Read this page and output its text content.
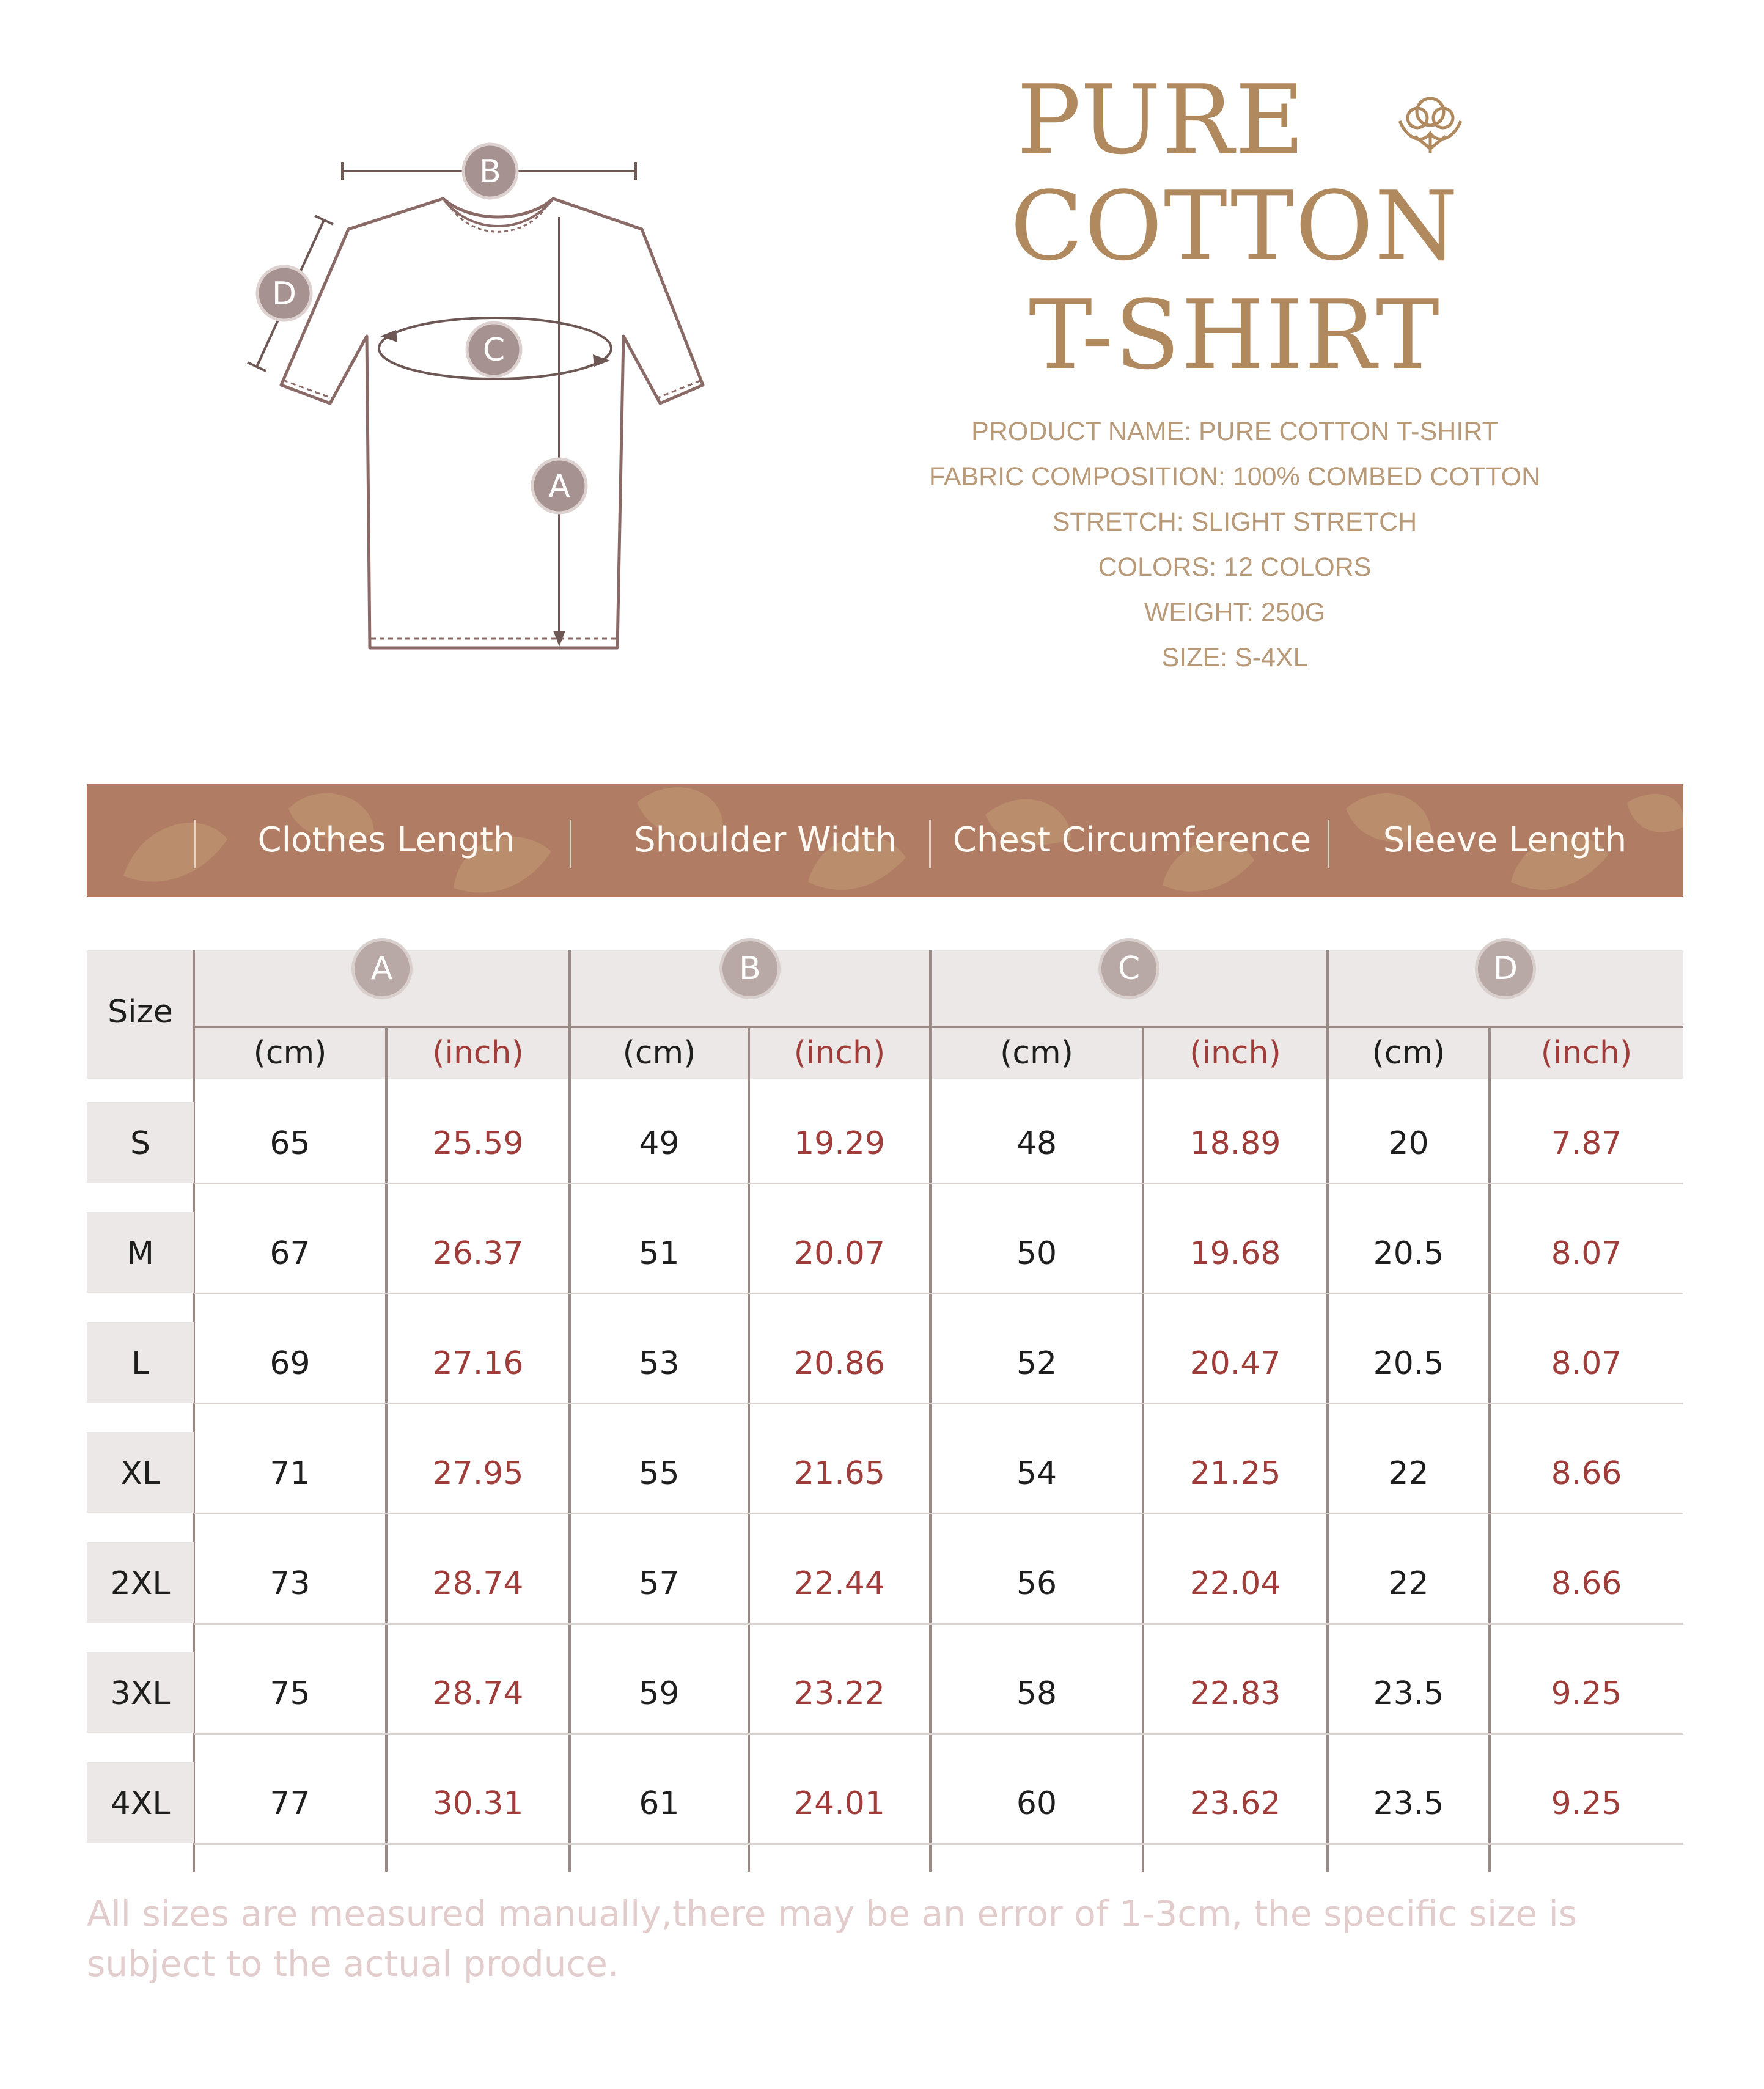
B
D
C
A
PURE
COTTON
T-SHIRT
PRODUCT NAME: PURE COTTON T-SHIRT
FABRIC COMPOSITION: 100% COMBED COTTON
STRETCH: SLIGHT STRETCH
COLORS: 12 COLORS
WEIGHT: 250G
SIZE: S-4XL
Clothes Length	Shoulder Width	Chest Circumference	Sleeve Length
Size
A
(cm)	(inch)
B
(cm)	(inch)
C
(cm)	(inch)
D
(cm)	(inch)
S	65	25.59	49	19.29	48	18.89	20	7.87
M	67	26.37	51	20.07	50	19.68	20.5	8.07
L	69	27.16	53	20.86	52	20.47	20.5	8.07
XL	71	27.95	55	21.65	54	21.25	22	8.66
2XL	73	28.74	57	22.44	56	22.04	22	8.66
3XL	75	28.74	59	23.22	58	22.83	23.5	9.25
4XL	77	30.31	61	24.01	60	23.62	23.5	9.25
All sizes are measured manually,there may be an error of 1-3cm, the specific size is subject to the actual produce.
